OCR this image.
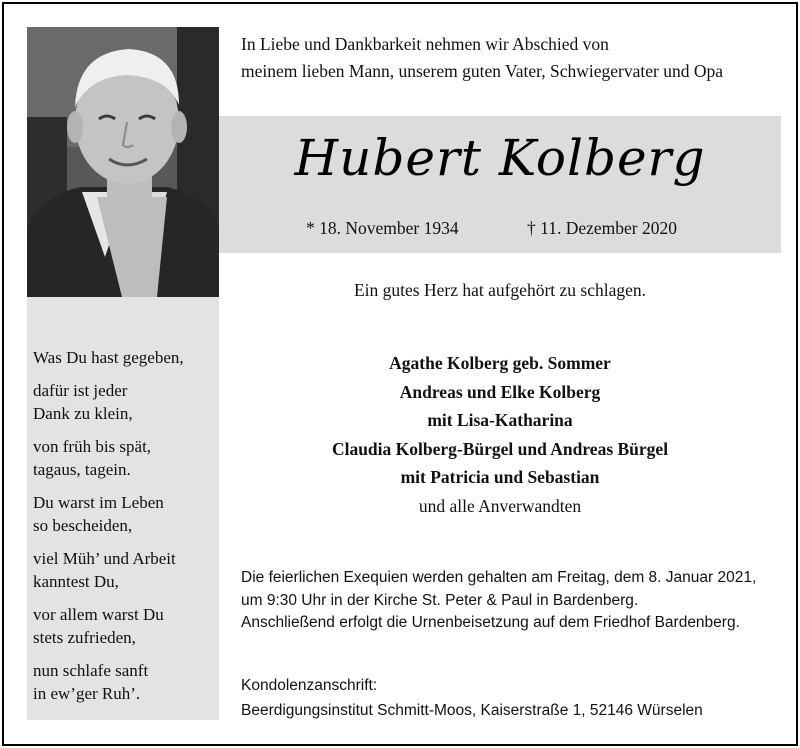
Was Du hast gegeben,
dafür ist jeder
Dank zu klein,
von früh bis spät,
tagaus, tagein.
Du warst im Leben
so bescheiden,
viel Müh’ und Arbeit
kanntest Du,
vor allem warst Du
stets zufrieden,
nun schlafe sanft
in ew’ger Ruh’.
In Liebe und Dankbarkeit nehmen wir Abschied von
meinem lieben Mann, unserem guten Vater, Schwiegervater und Opa
Hubert Kolberg
* 18. November 1934	† 11. Dezember 2020
Ein gutes Herz hat aufgehört zu schlagen.
Agathe Kolberg geb. Sommer
Andreas und Elke Kolberg
mit Lisa-Katharina
Claudia Kolberg-Bürgel und Andreas Bürgel
mit Patricia und Sebastian
und alle Anverwandten
Die feierlichen Exequien werden gehalten am Freitag, dem 8. Januar 2021,
um 9:30 Uhr in der Kirche St. Peter & Paul in Bardenberg.
Anschließend erfolgt die Urnenbeisetzung auf dem Friedhof Bardenberg.
Kondolenzanschrift:
Beerdigungsinstitut Schmitt-Moos, Kaiserstraße 1, 52146 Würselen
